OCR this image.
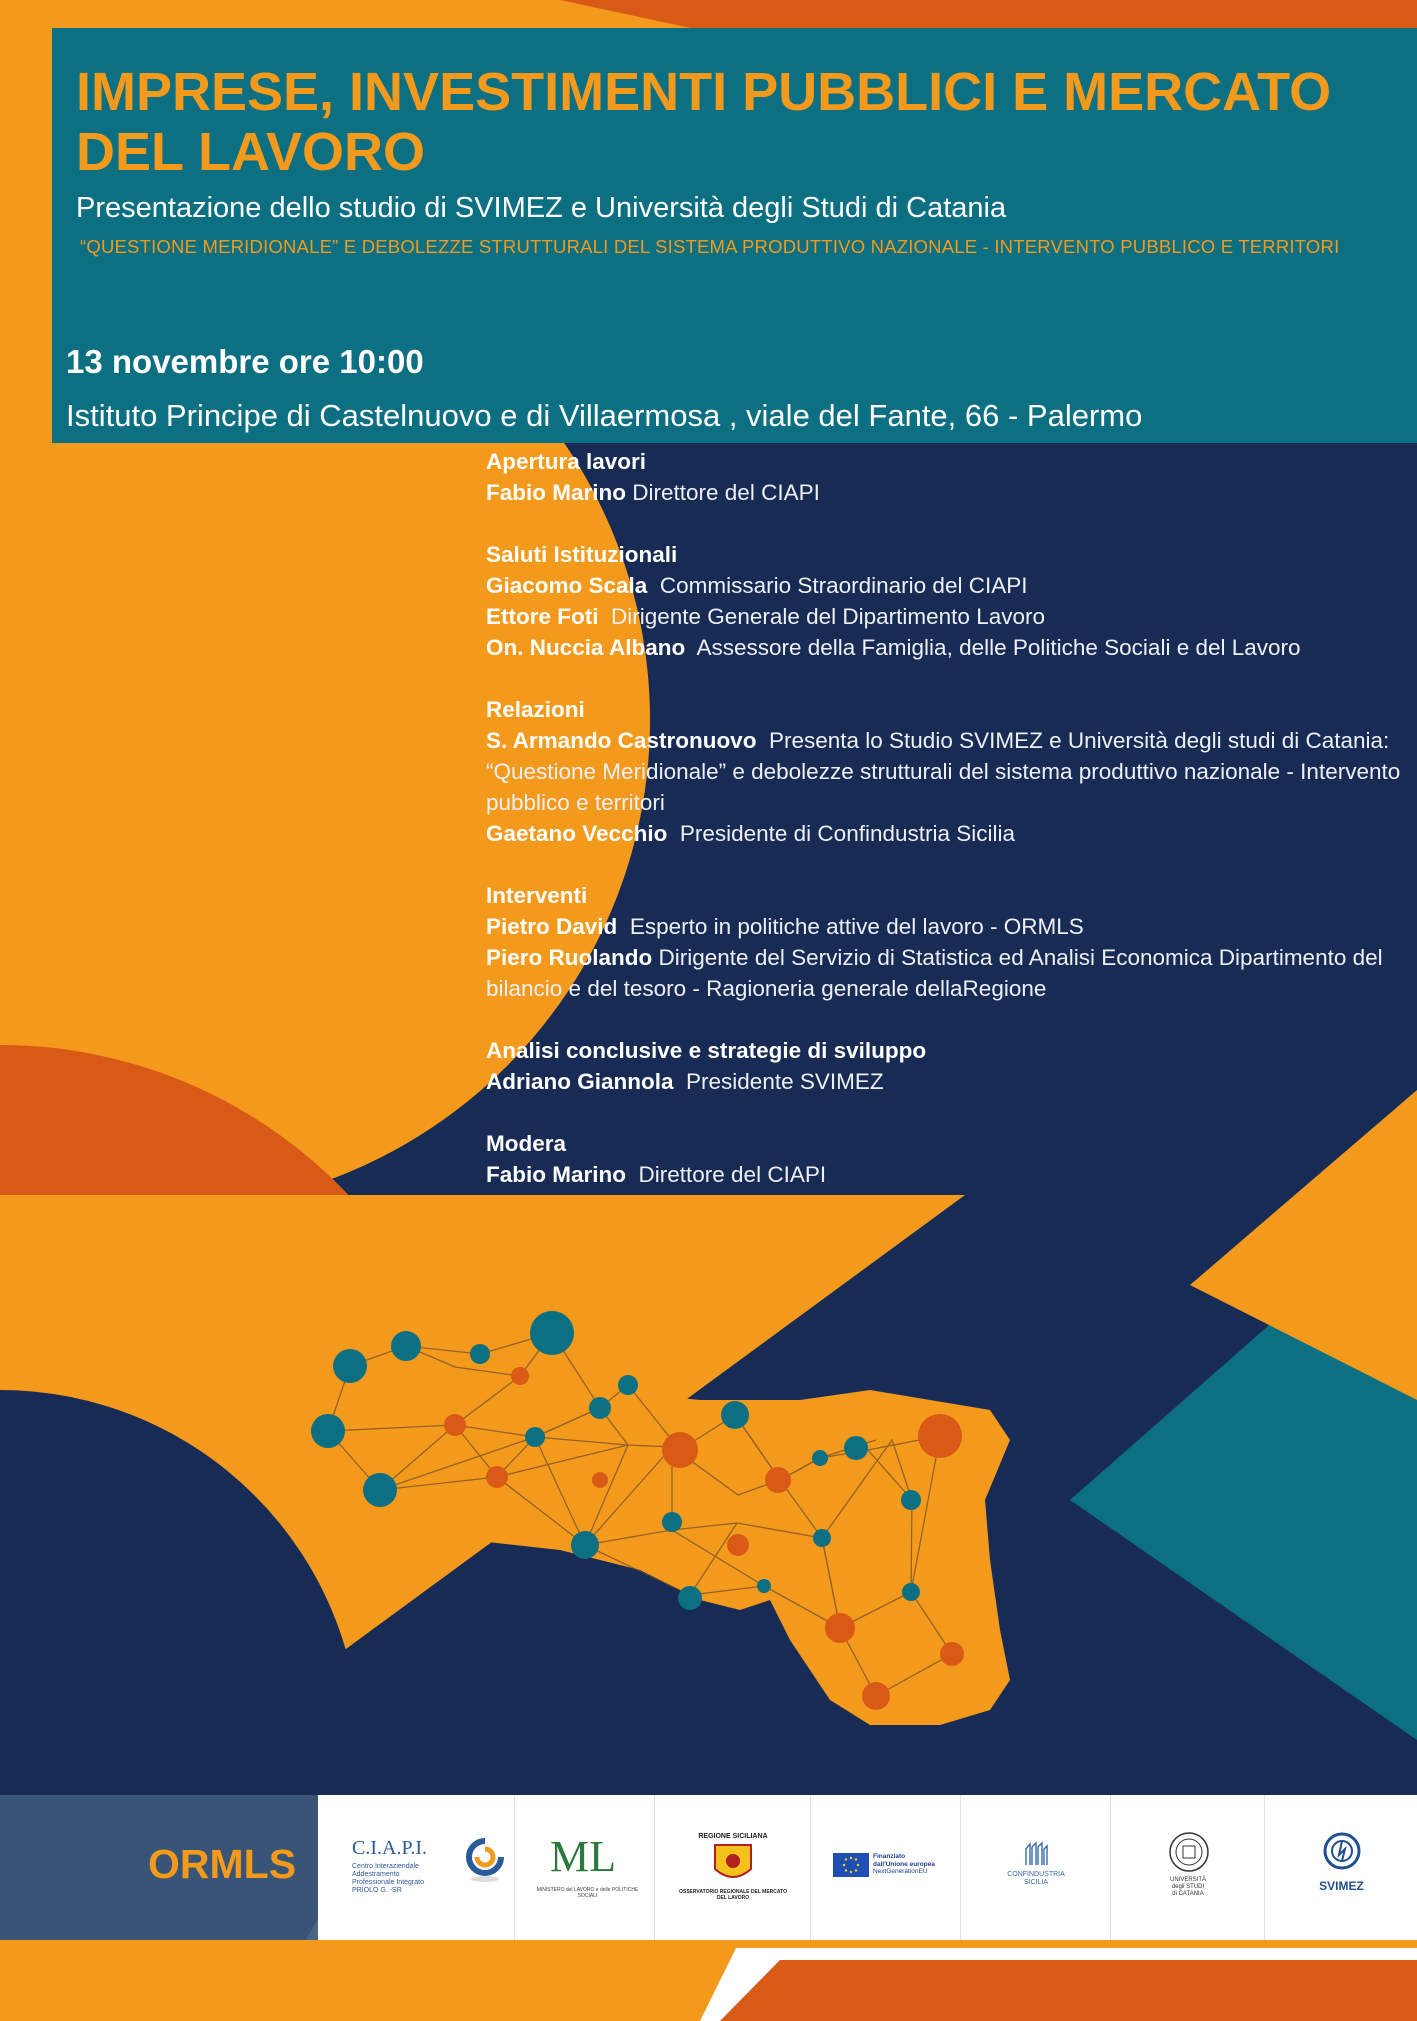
IMPRESE, INVESTIMENTI PUBBLICI E MERCATO DEL LAVORO
Presentazione dello studio di SVIMEZ e Università degli Studi di Catania
“QUESTIONE MERIDIONALE” E DEBOLEZZE STRUTTURALI DEL SISTEMA PRODUTTIVO NAZIONALE - INTERVENTO PUBBLICO E TERRITORI
13 novembre ore 10:00
Istituto Principe di Castelnuovo e di Villaermosa , viale del Fante, 66 - Palermo
Apertura lavori
Fabio Marino Direttore del CIAPI
Saluti Istituzionali
Giacomo Scala Commissario Straordinario del CIAPI
Ettore Foti Dirigente Generale del Dipartimento Lavoro
On. Nuccia Albano Assessore della Famiglia, delle Politiche Sociali e del Lavoro
Relazioni
S. Armando Castronuovo Presenta lo Studio SVIMEZ e Università degli studi di Catania: “Questione Meridionale” e debolezze strutturali del sistema produttivo nazionale - Intervento pubblico e territori
Gaetano Vecchio Presidente di Confindustria Sicilia
Interventi
Pietro David Esperto in politiche attive del lavoro - ORMLS
Piero Ruolando Dirigente del Servizio di Statistica ed Analisi Economica Dipartimento del bilancio e del tesoro - Ragioneria generale dellaRegione
Analisi conclusive e strategie di sviluppo
Adriano Giannola Presidente SVIMEZ
Modera
Fabio Marino Direttore del CIAPI
ORMLS	C.I.A.P.I.
Centro Interaziendale
Addestramento
Professionale Integrato
PRIOLO G. -SR
ML
MINISTERO del LAVORO e delle POLITICHE SOCIALI
REGIONE SICILIANA
OSSERVATORIO REGIONALE DEL MERCATO DEL LAVORO
Finanziato
dall'Unione europea
NextGenerationEU	CONFINDUSTRIA
SICILIA	UNIVERSITÀ
degli STUDI
di CATANIA
SVIMEZ
